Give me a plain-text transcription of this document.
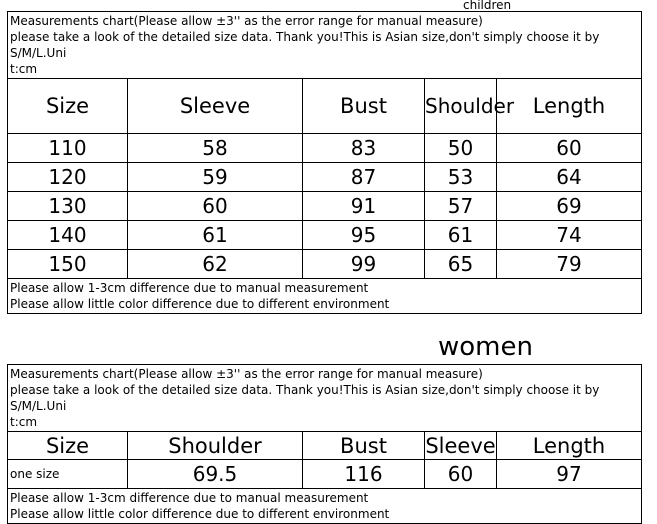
children
Measurements chart(Please allow ±3'' as the error range for manual measure)
please take a look of the detailed size data. Thank you!This is Asian size,don't simply choose it by S/M/L.Uni
t:cm				

Size	Sleeve	Bust	Shoulder	Length
110	58	83	50	60
120	59	87	53	64
130	60	91	57	69
140	61	95	61	74
150	62	99	65	79

Please allow 1-3cm difference due to manual measurement
Please allow little color difference due to different environment				
women
Measurements chart(Please allow ±3'' as the error range for manual measure)
please take a look of the detailed size data. Thank you!This is Asian size,don't simply choose it by S/M/L.Uni
t:cm				

Size	Shoulder	Bust	Sleeve	Length
one size	69.5	116	60	97

Please allow 1-3cm difference due to manual measurement
Please allow little color difference due to different environment				
